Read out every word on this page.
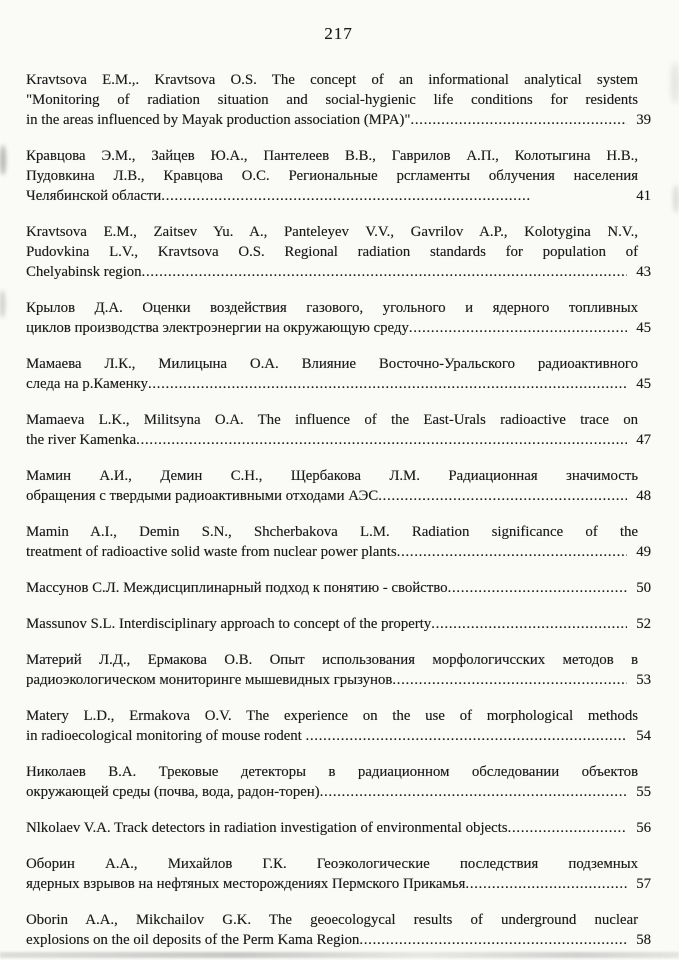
217
Kravtsova E.M.,. Kravtsova O.S. The concept of an informational analytical system
"Monitoring of radiation situation and social-hygienic life conditions for residents
in the areas influenced by Mayak production association (MPA)" .....	39
Кравцова Э.М., Зайцев Ю.А., Пантелеев В.В., Гаврилов А.П., Колотыгина Н.В.,
Пудовкина Л.В., Кравцова О.С. Региональные рсгламенты облучения населения
Челябинской области .....	41
Kravtsova E.M., Zaitsev Yu. A., Panteleyev V.V., Gavrilov A.P., Kolotygina N.V.,
Pudovkina L.V., Kravtsova O.S. Regional radiation standards for population of
Chelyabinsk region .....	43
Крылов Д.А. Оценки воздействия газового, угольного и ядерного топливных
циклов производства электроэнергии на окружающую среду .....	45
Мамаева Л.К., Милицына О.А. Влияние Восточно-Уральского радиоактивного
следа на р.Каменку .....	45
Mamaeva L.K., Militsyna O.A. The influence of the East-Urals radioactive trace on
the river Kamenka .....	47
Мамин А.И., Демин С.Н., Щербакова Л.М. Радиационная значимость
обращения с твердыми радиоактивными отходами АЭС .....	48
Mamin A.I., Demin S.N., Shcherbakova L.M. Radiation significance of the
treatment of radioactive solid waste from nuclear power plants .....	49
Массунов С.Л. Междисциплинарный подход к понятию - свойство .....	50
Massunov S.L. Interdisciplinary approach to concept of the property .....	52
Материй Л.Д., Ермакова О.В. Опыт использования морфологичсских методов в
радиоэкологическом мониторинге мышевидных грызунов .....	53
Matery L.D., Ermakova O.V. The experience on the use of morphological methods
in radioecological monitoring of mouse rodent .....	54
Николаев В.А. Трековые детекторы в радиационном обследовании объектов
окружающей среды (почва, вода, радон-торен) .....	55
Nlkolaev V.A. Track detectors in radiation investigation of environmental objects .....	56
Оборин А.А., Михайлов Г.К. Геоэкологические последствия подземных
ядерных взрывов на нефтяных месторождениях Пермского Прикамья .....	57
Oborin A.A., Mikchailov G.K. The geoecologycal results of underground nuclear
explosions on the oil deposits of the Perm Kama Region .....	58
